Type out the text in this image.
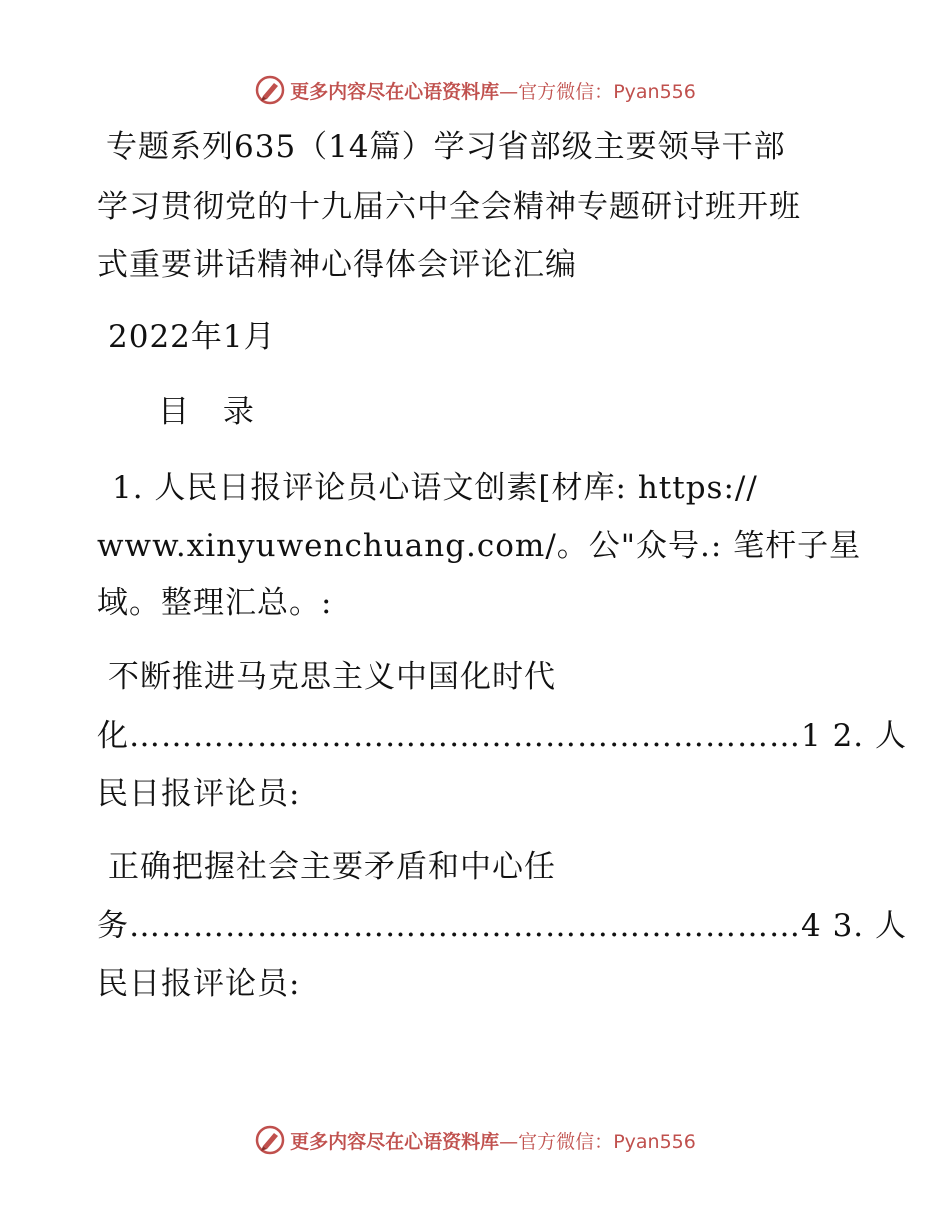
更多内容尽在心语资料库—官方微信：Pyan556
专题系列635（14篇）学习省部级主要领导干部
学习贯彻党的十九届六中全会精神专题研讨班开班
式重要讲话精神心得体会评论汇编
2022年1月
目 录
1. 人民日报评论员心语文创素[材库: https://
www.xinyuwenchuang.com/。公"众号.: 笔杆子星
域。整理汇总。:
不断推进马克思主义中国化时代
化………………………………………………………1 2. 人
民日报评论员:
正确把握社会主要矛盾和中心任
务………………………………………………………4 3. 人
民日报评论员:
更多内容尽在心语资料库—官方微信：Pyan556
